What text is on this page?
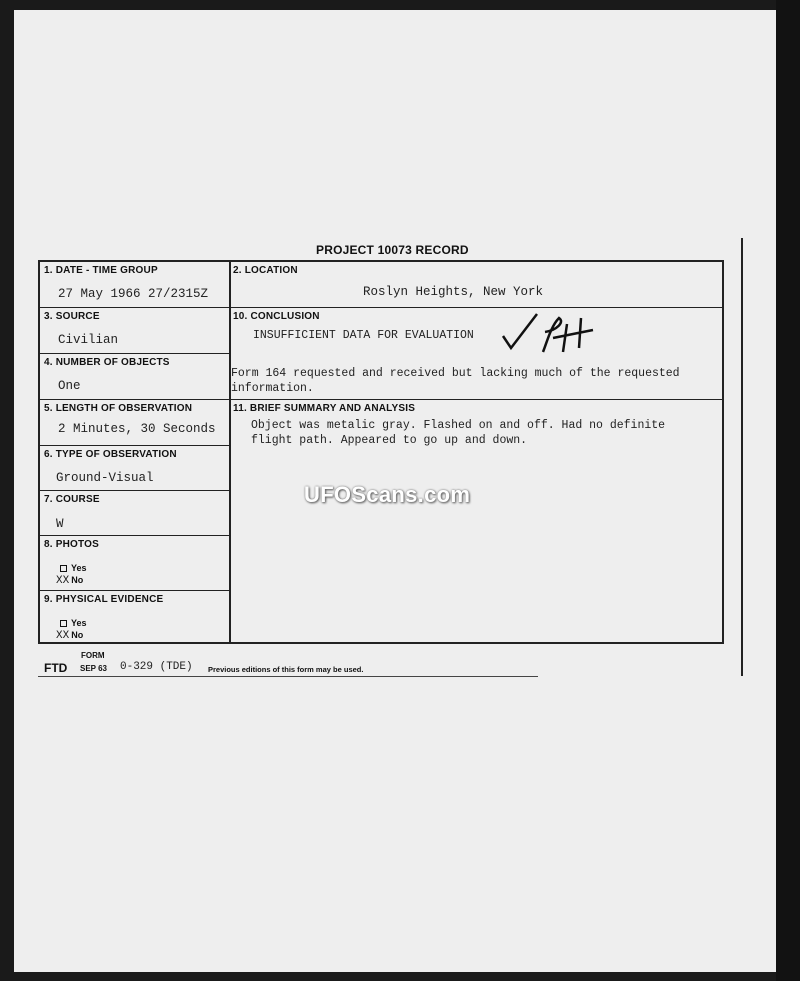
PROJECT 10073 RECORD
1. DATE - TIME GROUP
27 May 1966 27/2315Z
3. SOURCE
Civilian
4. NUMBER OF OBJECTS
One
5. LENGTH OF OBSERVATION
2 Minutes, 30 Seconds
6. TYPE OF OBSERVATION
Ground-Visual
7. COURSE
W
8. PHOTOS
Yes
XX No
9. PHYSICAL EVIDENCE
Yes
XX No
2. LOCATION
Roslyn Heights, New York
10. CONCLUSION
INSUFFICIENT DATA FOR EVALUATION
Form 164 requested and received but lacking much of the requested
information.
11. BRIEF SUMMARY AND ANALYSIS
Object was metalic gray. Flashed on and off. Had no definite
flight path. Appeared to go up and down.
UFOScans.com
FORM
FTD SEP 63 0-329 (TDE) Previous editions of this form may be used.
